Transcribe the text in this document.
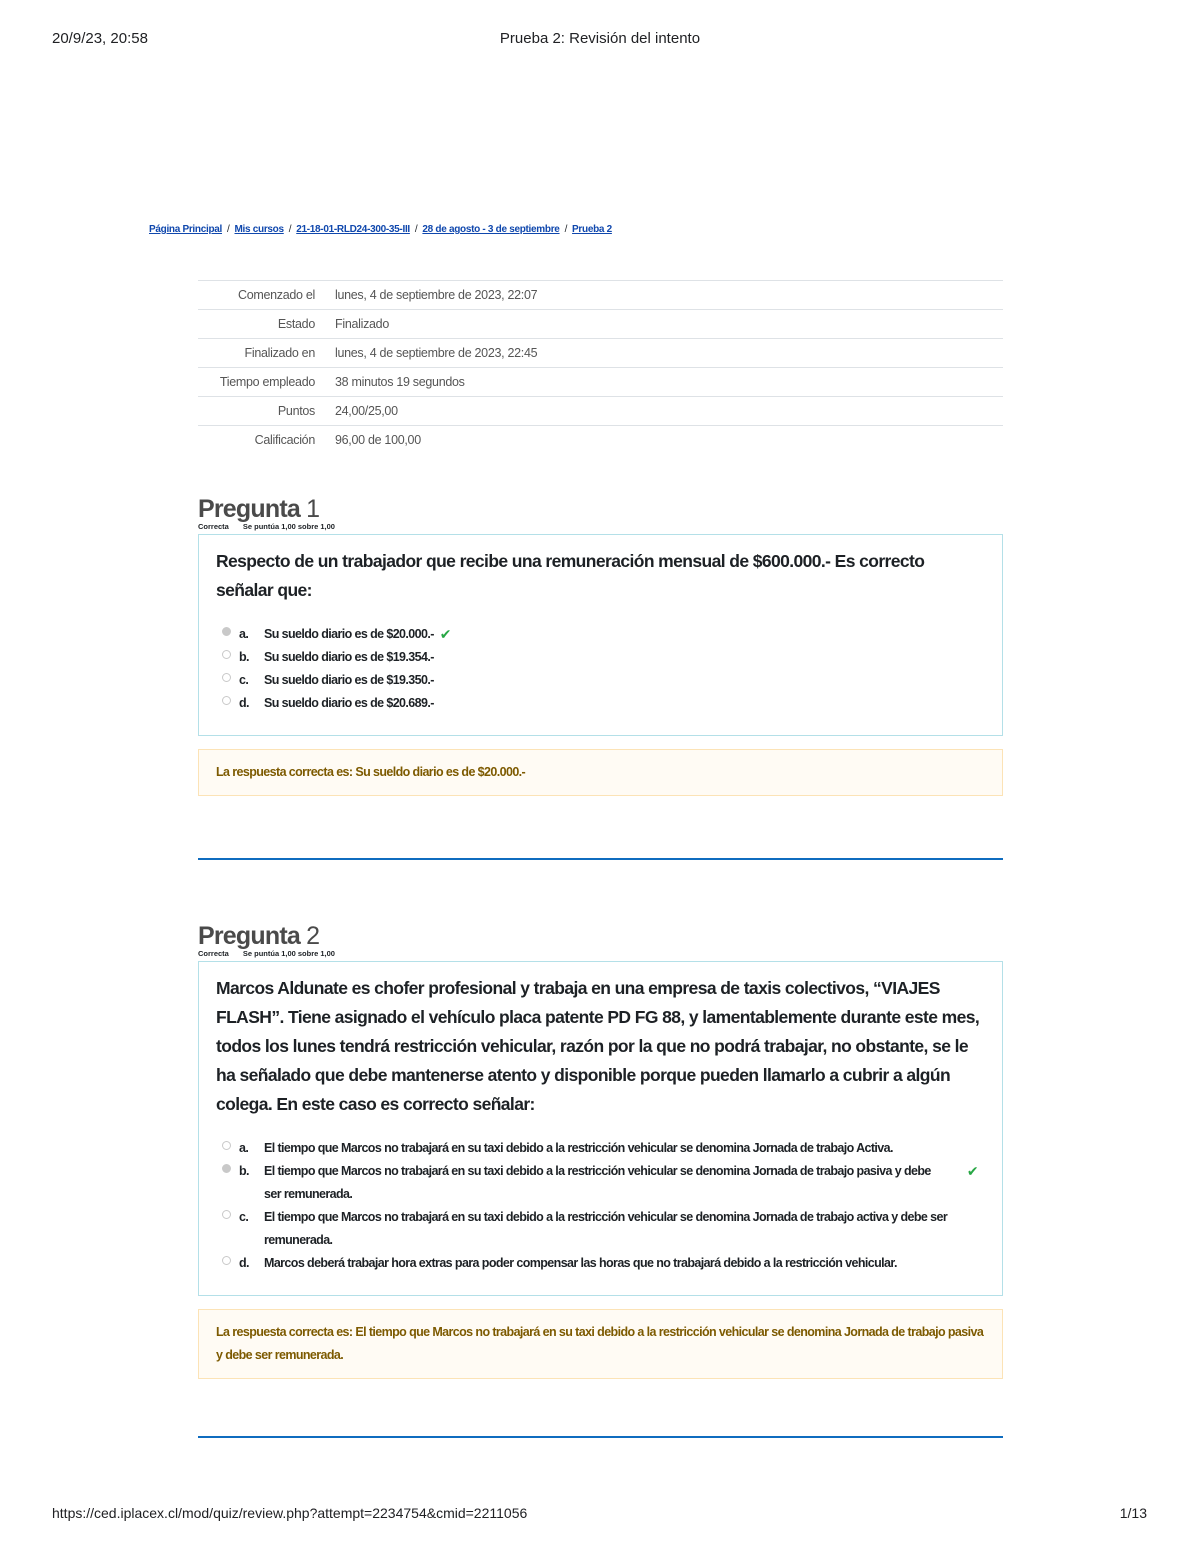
20/9/23, 20:58	Prueba 2: Revisión del intento
Página Principal / Mis cursos / 21-18-01-RLD24-300-35-III / 28 de agosto - 3 de septiembre / Prueba 2
Comenzado el	lunes, 4 de septiembre de 2023, 22:07
Estado	Finalizado
Finalizado en	lunes, 4 de septiembre de 2023, 22:45
Tiempo empleado	38 minutos 19 segundos
Puntos	24,00/25,00
Calificación	96,00 de 100,00
Pregunta 1
Correcta Se puntúa 1,00 sobre 1,00
Respecto de un trabajador que recibe una remuneración mensual de $600.000.- Es correcto señalar que:
a.	Su sueldo diario es de $20.000.- ✔
b.	Su sueldo diario es de $19.354.-
c.	Su sueldo diario es de $19.350.-
d.	Su sueldo diario es de $20.689.-
La respuesta correcta es: Su sueldo diario es de $20.000.-
Pregunta 2
Correcta Se puntúa 1,00 sobre 1,00
Marcos Aldunate es chofer profesional y trabaja en una empresa de taxis colectivos, “VIAJES FLASH”. Tiene asignado el vehículo placa patente PD FG 88, y lamentablemente durante este mes, todos los lunes tendrá restricción vehicular, razón por la que no podrá trabajar, no obstante, se le ha señalado que debe mantenerse atento y disponible porque pueden llamarlo a cubrir a algún colega. En este caso es correcto señalar:
a.	El tiempo que Marcos no trabajará en su taxi debido a la restricción vehicular se denomina Jornada de trabajo Activa.
b.	El tiempo que Marcos no trabajará en su taxi debido a la restricción vehicular se denomina Jornada de trabajo pasiva y debe ser remunerada.
✔
c.	El tiempo que Marcos no trabajará en su taxi debido a la restricción vehicular se denomina Jornada de trabajo activa y debe ser remunerada.
d.	Marcos deberá trabajar hora extras para poder compensar las horas que no trabajará debido a la restricción vehicular.
La respuesta correcta es: El tiempo que Marcos no trabajará en su taxi debido a la restricción vehicular se denomina Jornada de trabajo pasiva y debe ser remunerada.
https://ced.iplacex.cl/mod/quiz/review.php?attempt=2234754&cmid=2211056	1/13
